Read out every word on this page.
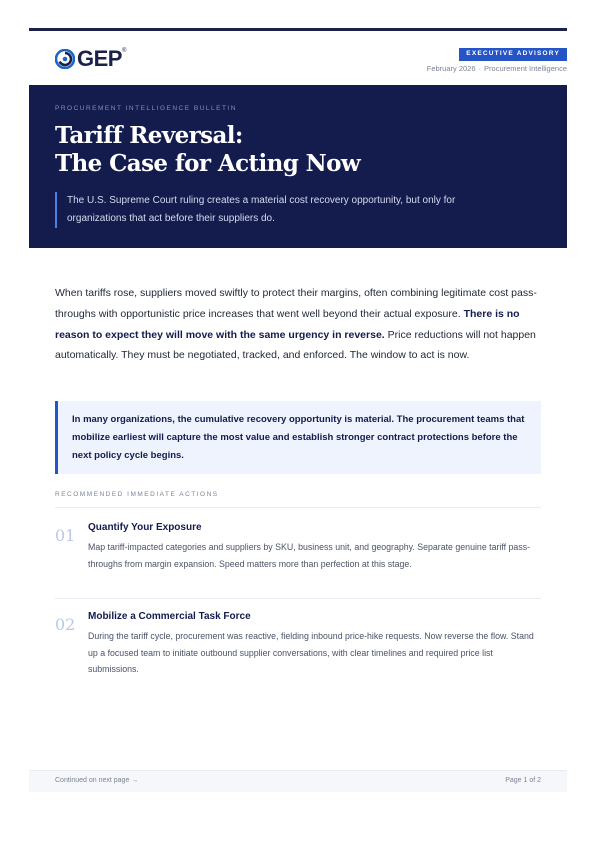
GEP®	EXECUTIVE ADVISORY
February 2026 · Procurement Intelligence
PROCUREMENT INTELLIGENCE BULLETIN
Tariff Reversal:
The Case for Acting Now
The U.S. Supreme Court ruling creates a material cost recovery opportunity, but only for organizations that act before their suppliers do.
When tariffs rose, suppliers moved swiftly to protect their margins, often combining legitimate cost pass-throughs with opportunistic price increases that went well beyond their actual exposure. There is no reason to expect they will move with the same urgency in reverse. Price reductions will not happen automatically. They must be negotiated, tracked, and enforced. The window to act is now.

In many organizations, the cumulative recovery opportunity is material. The procurement teams that mobilize earliest will capture the most value and establish stronger contract protections before the next policy cycle begins.

RECOMMENDED IMMEDIATE ACTIONS
01 Quantify Your Exposure
Map tariff-impacted categories and suppliers by SKU, business unit, and geography. Separate genuine tariff pass-throughs from margin expansion. Speed matters more than perfection at this stage.
02 Mobilize a Commercial Task Force
During the tariff cycle, procurement was reactive, fielding inbound price-hike requests. Now reverse the flow. Stand up a focused team to initiate outbound supplier conversations, with clear timelines and required price list submissions.
Continued on next page →	Page 1 of 2
